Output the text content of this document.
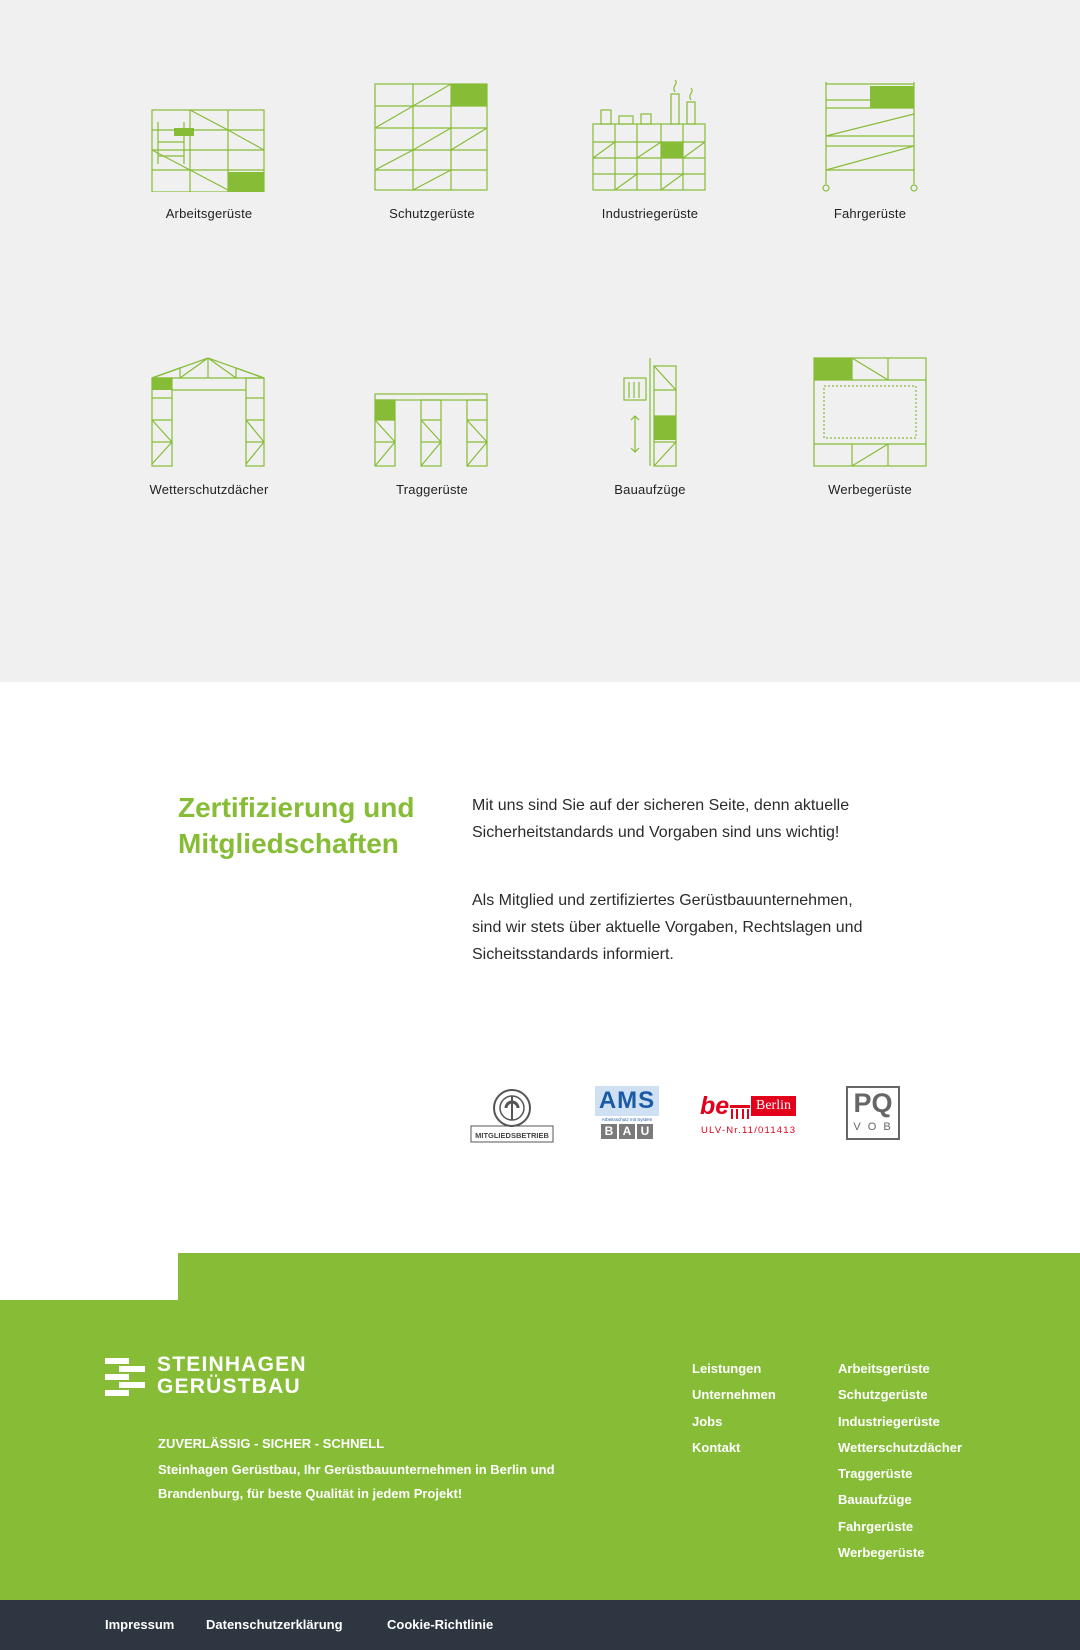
Arbeitsgerüste	Schutzgerüste	Industriegerüste	Fahrgerüste
Wetterschutzdächer	Traggerüste	Bauaufzüge	Werbegerüste
Zertifizierung und Mitgliedschaften

Mit uns sind Sie auf der sicheren Seite, denn aktuelle Sicherheitstandards und Vorgaben sind uns wichtig!

Als Mitglied und zertifiziertes Gerüstbauunternehmen,
sind wir stets über aktuelle Vorgaben, Rechtslagen und Sicheitsstandards informiert.

MITGLIEDSBETRIEB
AMS
Arbeitsschutz mit System
B A U
be	Berlin
ULV-Nr.11/011413
PQ
V O B
STEINHAGEN
GERÜSTBAU
ZUVERLÄSSIG - SICHER - SCHNELL
Steinhagen Gerüstbau, Ihr Gerüstbauunternehmen in Berlin und Brandenburg, für beste Qualität in jedem Projekt!
Leistungen
Unternehmen
Jobs
Kontakt
Arbeitsgerüste
Schutzgerüste
Industriegerüste
Wetterschutzdächer
Traggerüste
Bauaufzüge
Fahrgerüste
Werbegerüste
Impressum Datenschutzerklärung	Cookie-Richtlinie
